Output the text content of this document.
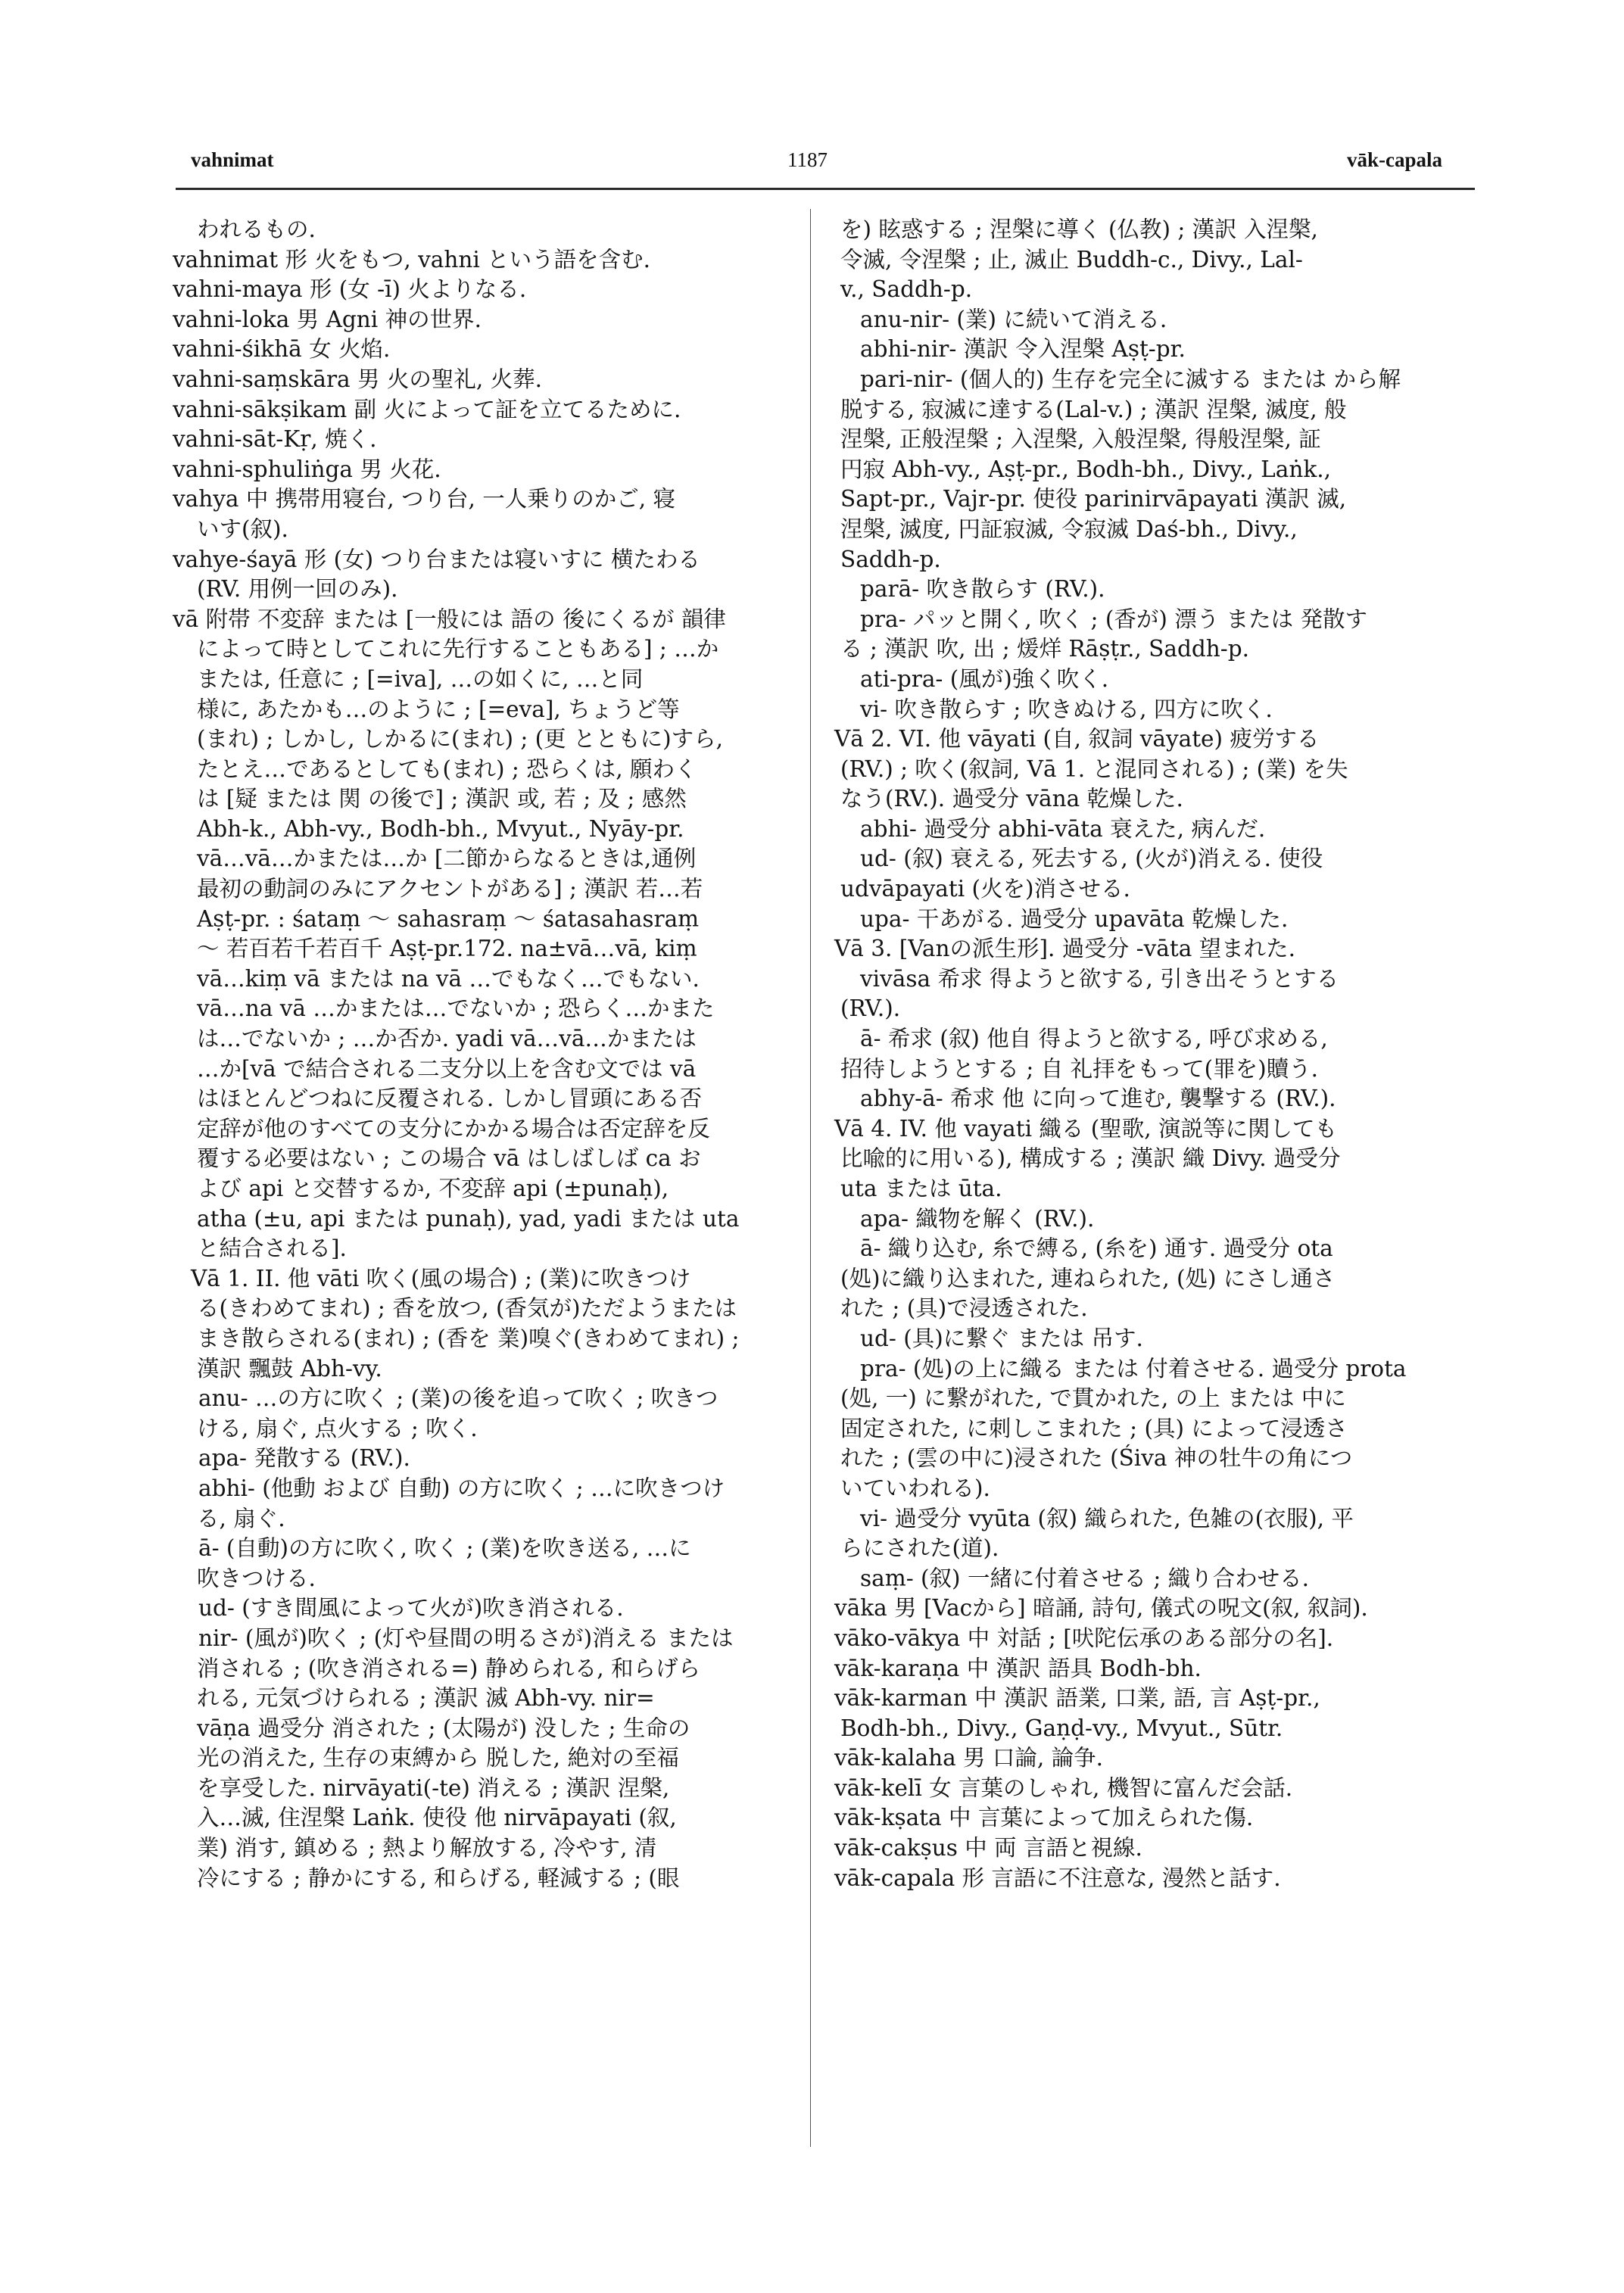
vahnimat	1187	vāk-capala
われるもの.
vahnimat 形 火をもつ, vahni という語を含む.
vahni-maya 形 (女 -ī) 火よりなる.
vahni-loka 男 Agni 神の世界.
vahni-śikhā 女 火焰.
vahni-saṃskāra 男 火の聖礼, 火葬.
vahni-sākṣikam 副 火によって証を立てるために.
vahni-sāt-Kṛ, 焼く.
vahni-sphuliṅga 男 火花.
vahya 中 携帯用寝台, つり台, 一人乗りのかご, 寝
いす(叙).
vahye-śayā 形 (女) つり台または寝いすに 横たわる
(RV. 用例一回のみ).
vā 附帯 不変辞 または [一般には 語の 後にくるが 韻律
によって時としてこれに先行することもある] ; …か
または, 任意に ; [=iva], …の如くに, …と同
様に, あたかも…のように ; [=eva], ちょうど等
(まれ) ; しかし, しかるに(まれ) ; (更 とともに)すら,
たとえ…であるとしても(まれ) ; 恐らくは, 願わく
は [疑 または 関 の後で] ; 漢訳 或, 若 ; 及 ; 感然
Abh-k., Abh-vy., Bodh-bh., Mvyut., Nyāy-pr.
vā…vā…かまたは…か [二節からなるときは,通例
最初の動詞のみにアクセントがある] ; 漢訳 若…若
Aṣṭ-pr. : śataṃ ～ sahasraṃ ～ śatasahasraṃ
～ 若百若千若百千 Aṣṭ-pr.172. na±vā…vā, kiṃ
vā…kiṃ vā または na vā …でもなく…でもない.
vā…na vā …かまたは…でないか ; 恐らく…かまた
は…でないか ; …か否か. yadi vā…vā…かまたは
…か[vā で結合される二支分以上を含む文では vā
はほとんどつねに反覆される. しかし冒頭にある否
定辞が他のすべての支分にかかる場合は否定辞を反
覆する必要はない ; この場合 vā はしばしば ca お
よび api と交替するか, 不変辞 api (±punaḥ),
atha (±u, api または punaḥ), yad, yadi または uta
と結合される].
Vā 1. II. 他 vāti 吹く(風の場合) ; (業)に吹きつけ
る(きわめてまれ) ; 香を放つ, (香気が)ただようまたは
まき散らされる(まれ) ; (香を 業)嗅ぐ(きわめてまれ) ;
漢訳 飄鼓 Abh-vy.
anu- …の方に吹く ; (業)の後を追って吹く ; 吹きつ
ける, 扇ぐ, 点火する ; 吹く.
apa- 発散する (RV.).
abhi- (他動 および 自動) の方に吹く ; …に吹きつけ
る, 扇ぐ.
ā- (自動)の方に吹く, 吹く ; (業)を吹き送る, …に
吹きつける.
ud- (すき間風によって火が)吹き消される.
nir- (風が)吹く ; (灯や昼間の明るさが)消える または
消される ; (吹き消される=) 静められる, 和らげら
れる, 元気づけられる ; 漢訳 滅 Abh-vy. nir=
vāṇa 過受分 消された ; (太陽が) 没した ; 生命の
光の消えた, 生存の束縛から 脱した, 絶対の至福
を享受した. nirvāyati(-te) 消える ; 漢訳 涅槃,
入…滅, 住涅槃 Laṅk. 使役 他 nirvāpayati (叙,
業) 消す, 鎮める ; 熱より解放する, 冷やす, 清
冷にする ; 静かにする, 和らげる, 軽減する ; (眼
を) 眩惑する ; 涅槃に導く (仏教) ; 漢訳 入涅槃,
令滅, 令涅槃 ; 止, 滅止 Buddh-c., Divy., Lal-
v., Saddh-p.
anu-nir- (業) に続いて消える.
abhi-nir- 漢訳 令入涅槃 Aṣṭ-pr.
pari-nir- (個人的) 生存を完全に滅する または から解
脱する, 寂滅に達する(Lal-v.) ; 漢訳 涅槃, 滅度, 般
涅槃, 正般涅槃 ; 入涅槃, 入般涅槃, 得般涅槃, 証
円寂 Abh-vy., Aṣṭ-pr., Bodh-bh., Divy., Laṅk.,
Sapt-pr., Vajr-pr. 使役 parinirvāpayati 漢訳 滅,
涅槃, 滅度, 円証寂滅, 令寂滅 Daś-bh., Divy.,
Saddh-p.
parā- 吹き散らす (RV.).
pra- パッと開く, 吹く ; (香が) 漂う または 発散す
る ; 漢訳 吹, 出 ; 煖烊 Rāṣṭr., Saddh-p.
ati-pra- (風が)強く吹く.
vi- 吹き散らす ; 吹きぬける, 四方に吹く.
Vā 2. VI. 他 vāyati (自, 叙詞 vāyate) 疲労する
(RV.) ; 吹く(叙詞, Vā 1. と混同される) ; (業) を失
なう(RV.). 過受分 vāna 乾燥した.
abhi- 過受分 abhi-vāta 衰えた, 病んだ.
ud- (叙) 衰える, 死去する, (火が)消える. 使役
udvāpayati (火を)消させる.
upa- 干あがる. 過受分 upavāta 乾燥した.
Vā 3. [Vanの派生形]. 過受分 -vāta 望まれた.
vivāsa 希求 得ようと欲する, 引き出そうとする
(RV.).
ā- 希求 (叙) 他自 得ようと欲する, 呼び求める,
招待しようとする ; 自 礼拝をもって(罪を)贖う.
abhy-ā- 希求 他 に向って進む, 襲撃する (RV.).
Vā 4. IV. 他 vayati 織る (聖歌, 演説等に関しても
比喩的に用いる), 構成する ; 漢訳 織 Divy. 過受分
uta または ūta.
apa- 織物を解く (RV.).
ā- 織り込む, 糸で縛る, (糸を) 通す. 過受分 ota
(処)に織り込まれた, 連ねられた, (処) にさし通さ
れた ; (具)で浸透された.
ud- (具)に繋ぐ または 吊す.
pra- (処)の上に織る または 付着させる. 過受分 prota
(処, 一) に繋がれた, で貫かれた, の上 または 中に
固定された, に刺しこまれた ; (具) によって浸透さ
れた ; (雲の中に)浸された (Śiva 神の牡牛の角につ
いていわれる).
vi- 過受分 vyūta (叙) 織られた, 色雑の(衣服), 平
らにされた(道).
saṃ- (叙) 一緒に付着させる ; 織り合わせる.
vāka 男 [Vacから] 暗誦, 詩句, 儀式の呪文(叙, 叙詞).
vāko-vākya 中 対話 ; [吠陀伝承のある部分の名].
vāk-karaṇa 中 漢訳 語具 Bodh-bh.
vāk-karman 中 漢訳 語業, 口業, 語, 言 Aṣṭ-pr.,
Bodh-bh., Divy., Gaṇḍ-vy., Mvyut., Sūtr.
vāk-kalaha 男 口論, 論争.
vāk-kelī 女 言葉のしゃれ, 機智に富んだ会話.
vāk-kṣata 中 言葉によって加えられた傷.
vāk-cakṣus 中 両 言語と視線.
vāk-capala 形 言語に不注意な, 漫然と話す.
